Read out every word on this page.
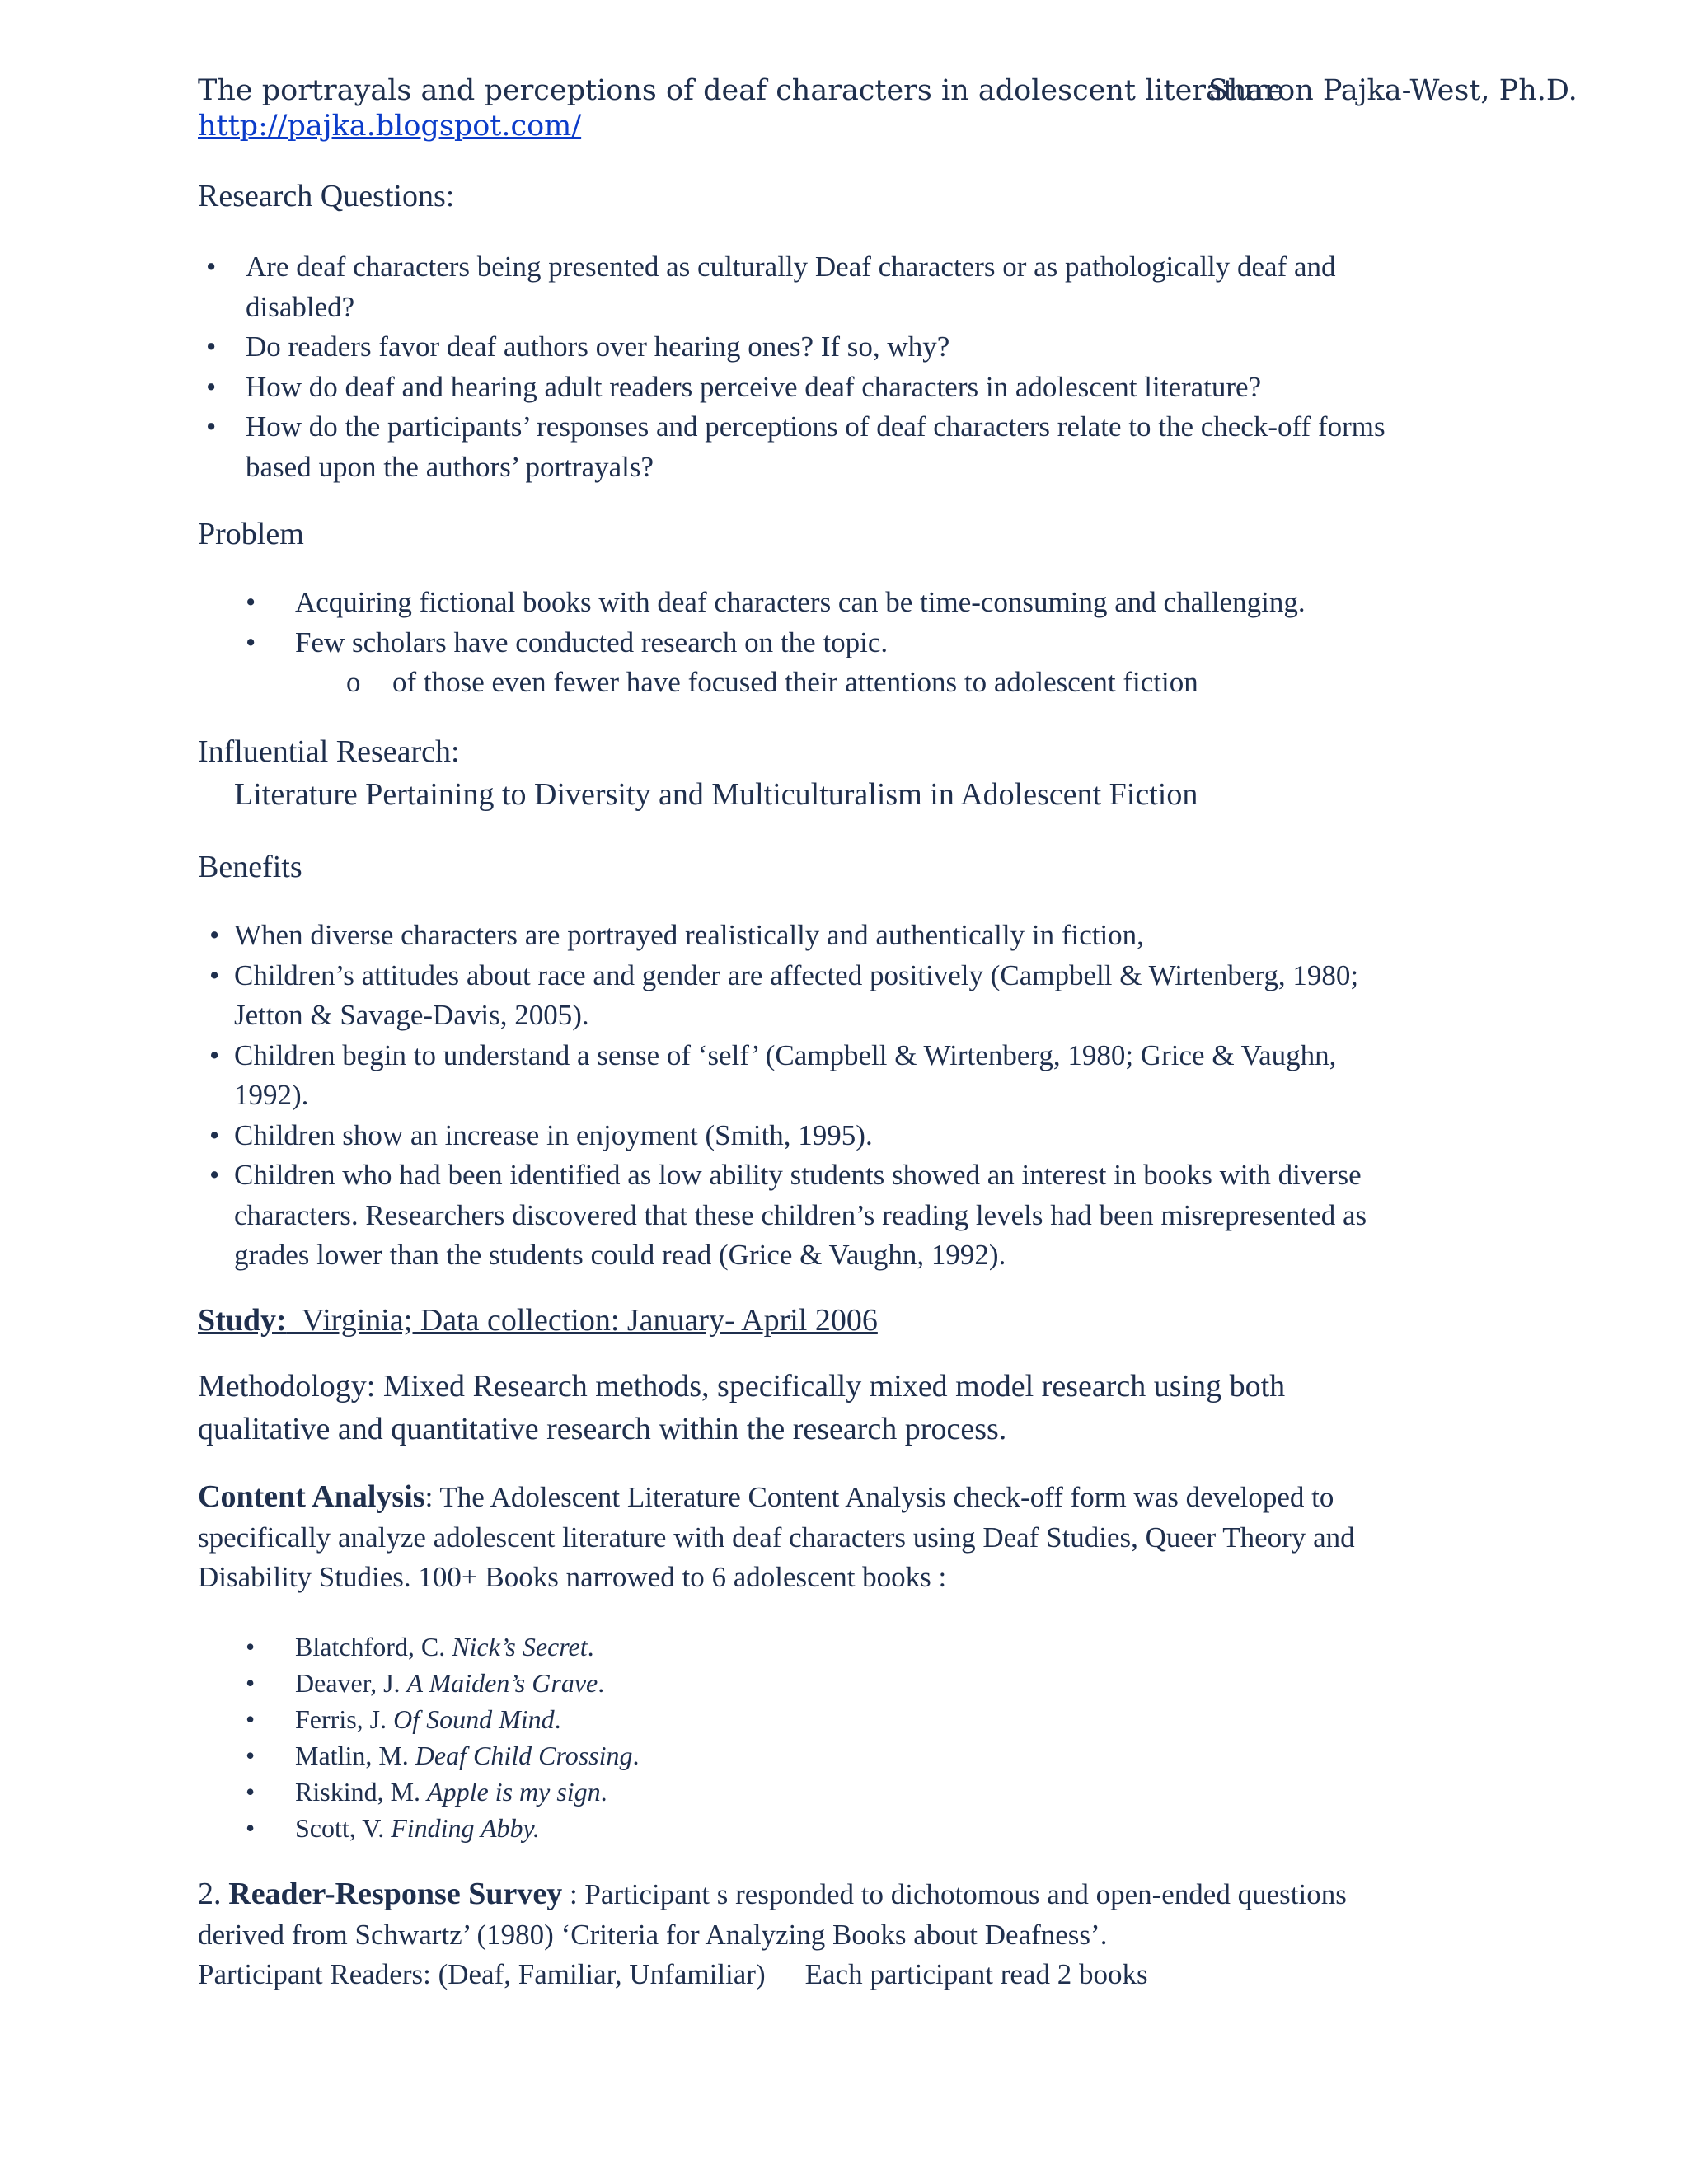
The portrayals and perceptions of deaf characters in adolescent literature
Sharon Pajka-West, Ph.D.
http://pajka.blogspot.com/
Research Questions:
• Are deaf characters being presented as culturally Deaf characters or as pathologically deaf and
disabled?
• Do readers favor deaf authors over hearing ones? If so, why?
• How do deaf and hearing adult readers perceive deaf characters in adolescent literature?
• How do the participants’ responses and perceptions of deaf characters relate to the check-off forms
based upon the authors’ portrayals?
Problem
• Acquiring fictional books with deaf characters can be time-consuming and challenging.
• Few scholars have conducted research on the topic.
o of those even fewer have focused their attentions to adolescent fiction
Influential Research:
Literature Pertaining to Diversity and Multiculturalism in Adolescent Fiction
Benefits
• When diverse characters are portrayed realistically and authentically in fiction,
• Children’s attitudes about race and gender are affected positively (Campbell & Wirtenberg, 1980;
Jetton & Savage-Davis, 2005).
• Children begin to understand a sense of ‘self’ (Campbell & Wirtenberg, 1980; Grice & Vaughn,
1992).
• Children show an increase in enjoyment (Smith, 1995).
• Children who had been identified as low ability students showed an interest in books with diverse
characters. Researchers discovered that these children’s reading levels had been misrepresented as
grades lower than the students could read (Grice & Vaughn, 1992).
Study: Virginia; Data collection: January- April 2006

Methodology: Mixed Research methods, specifically mixed model research using both
qualitative and quantitative research within the research process.

Content Analysis: The Adolescent Literature Content Analysis check-off form was developed to
specifically analyze adolescent literature with deaf characters using Deaf Studies, Queer Theory and
Disability Studies. 100+ Books narrowed to 6 adolescent books :

• Blatchford, C. Nick’s Secret.
• Deaver, J. A Maiden’s Grave.
• Ferris, J. Of Sound Mind.
• Matlin, M. Deaf Child Crossing.
• Riskind, M. Apple is my sign.
• Scott, V. Finding Abby.

2. Reader-Response Survey : Participant s responded to dichotomous and open-ended questions
derived from Schwartz’ (1980) ‘Criteria for Analyzing Books about Deafness’.
Participant Readers: (Deaf, Familiar, Unfamiliar) Each participant read 2 books
